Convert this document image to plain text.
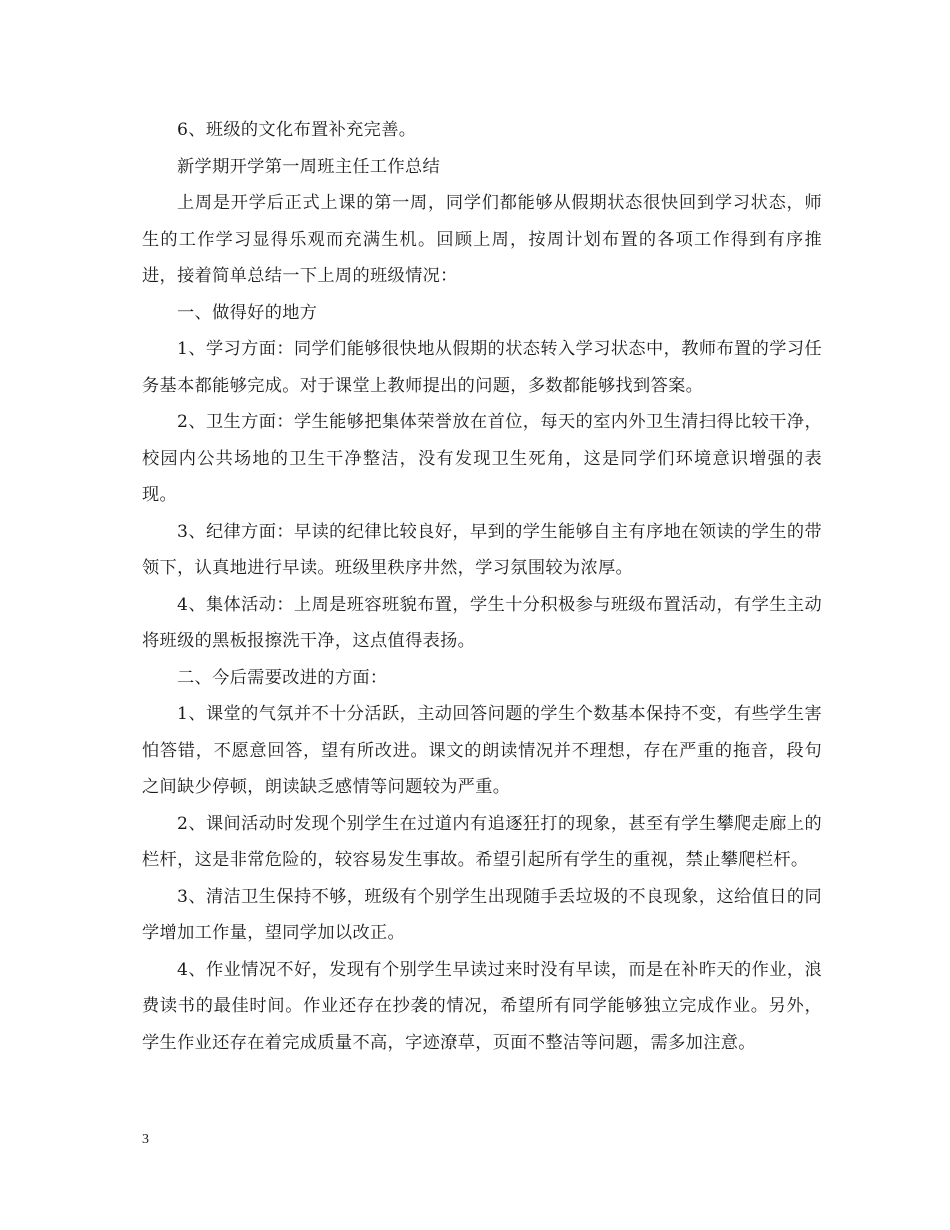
6、班级的文化布置补充完善。

新学期开学第一周班主任工作总结

上周是开学后正式上课的第一周，同学们都能够从假期状态很快回到学习状态，师生的工作学习显得乐观而充满生机。回顾上周，按周计划布置的各项工作得到有序推进，接着简单总结一下上周的班级情况：

一、做得好的地方

1、学习方面：同学们能够很快地从假期的状态转入学习状态中，教师布置的学习任务基本都能够完成。对于课堂上教师提出的问题，多数都能够找到答案。

2、卫生方面：学生能够把集体荣誉放在首位，每天的室内外卫生清扫得比较干净，校园内公共场地的卫生干净整洁，没有发现卫生死角，这是同学们环境意识增强的表现。

3、纪律方面：早读的纪律比较良好，早到的学生能够自主有序地在领读的学生的带领下，认真地进行早读。班级里秩序井然，学习氛围较为浓厚。

4、集体活动：上周是班容班貌布置，学生十分积极参与班级布置活动，有学生主动将班级的黑板报擦洗干净，这点值得表扬。

二、今后需要改进的方面：

1、课堂的气氛并不十分活跃，主动回答问题的学生个数基本保持不变，有些学生害怕答错，不愿意回答，望有所改进。课文的朗读情况并不理想，存在严重的拖音，段句之间缺少停顿，朗读缺乏感情等问题较为严重。

2、课间活动时发现个别学生在过道内有追逐狂打的现象，甚至有学生攀爬走廊上的栏杆，这是非常危险的，较容易发生事故。希望引起所有学生的重视，禁止攀爬栏杆。

3、清洁卫生保持不够，班级有个别学生出现随手丢垃圾的不良现象，这给值日的同学增加工作量，望同学加以改正。

4、作业情况不好，发现有个别学生早读过来时没有早读，而是在补昨天的作业，浪费读书的最佳时间。作业还存在抄袭的情况，希望所有同学能够独立完成作业。另外，学生作业还存在着完成质量不高，字迹潦草，页面不整洁等问题，需多加注意。

3
